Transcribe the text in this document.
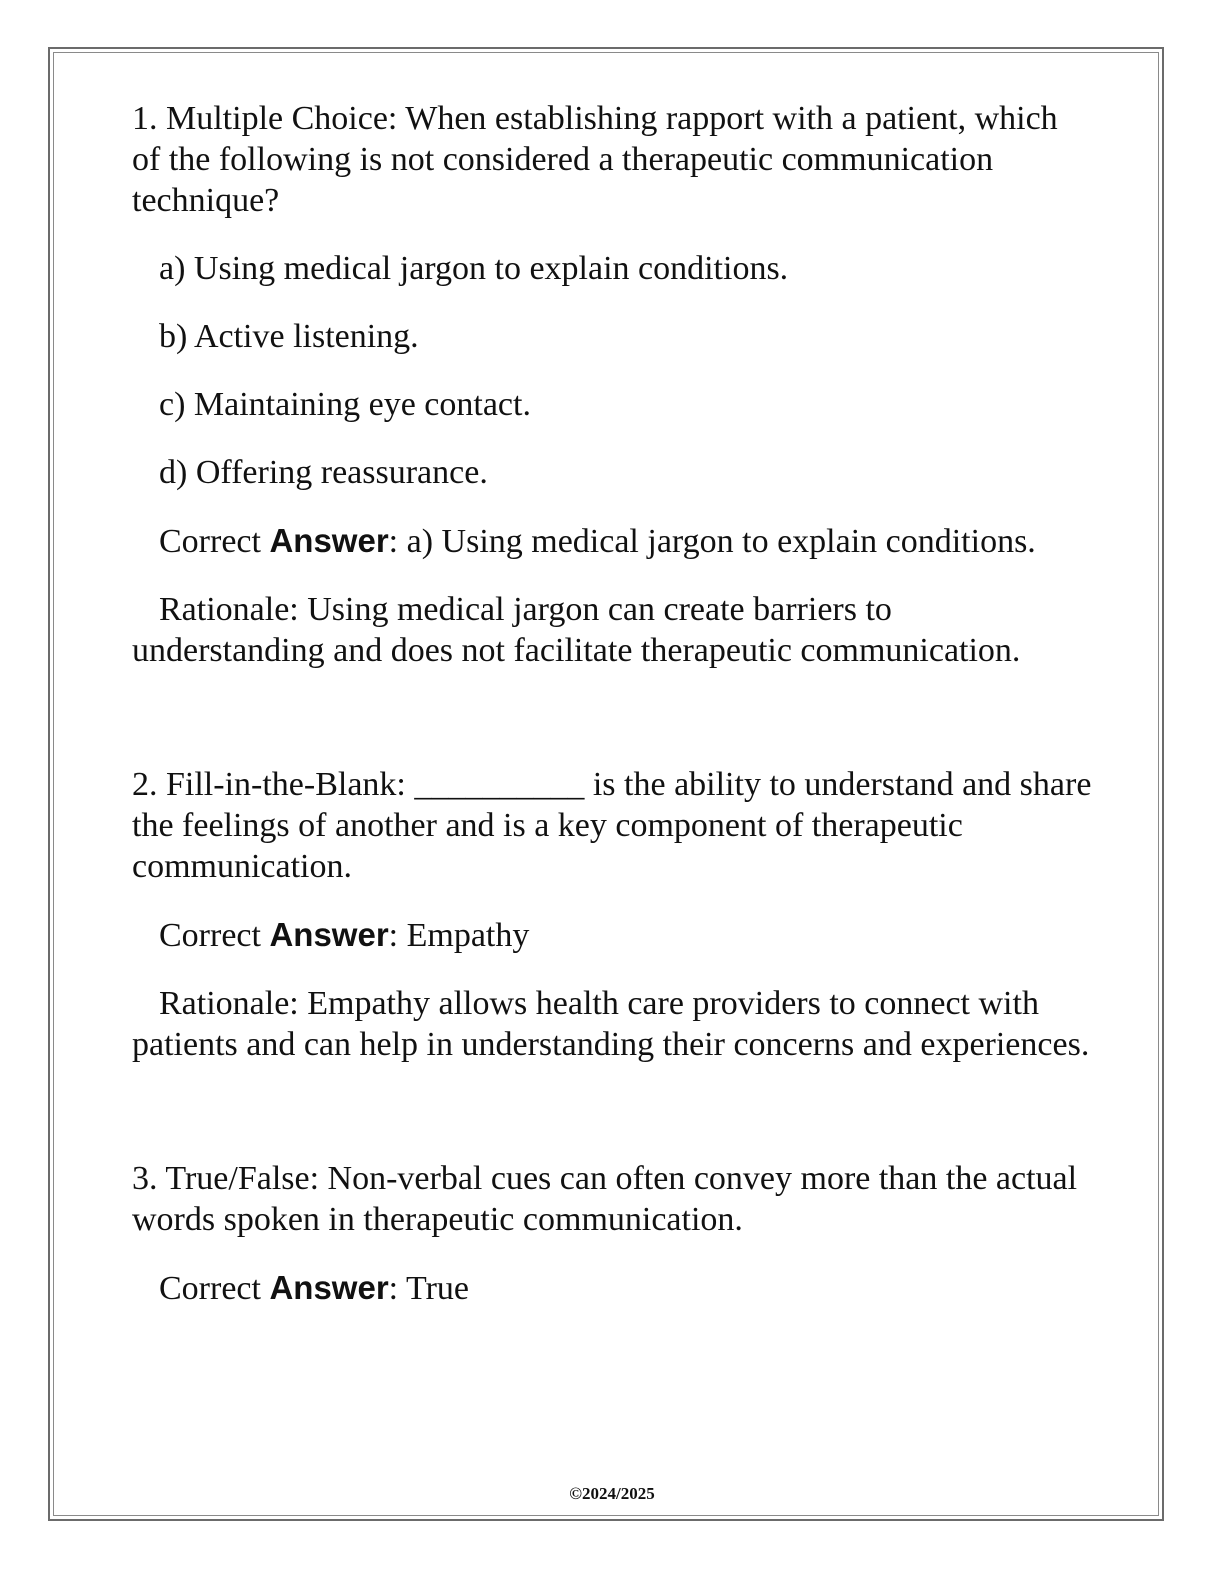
1. Multiple Choice: When establishing rapport with a patient, which of the following is not considered a therapeutic communication technique?

a) Using medical jargon to explain conditions.

b) Active listening.

c) Maintaining eye contact.

d) Offering reassurance.

Correct Answer: a) Using medical jargon to explain conditions.

Rationale: Using medical jargon can create barriers to understanding and does not facilitate therapeutic communication.

2. Fill-in-the-Blank: __________ is the ability to understand and share the feelings of another and is a key component of therapeutic communication.

Correct Answer: Empathy

Rationale: Empathy allows health care providers to connect with patients and can help in understanding their concerns and experiences.

3. True/False: Non-verbal cues can often convey more than the actual words spoken in therapeutic communication.

Correct Answer: True

©2024/2025
